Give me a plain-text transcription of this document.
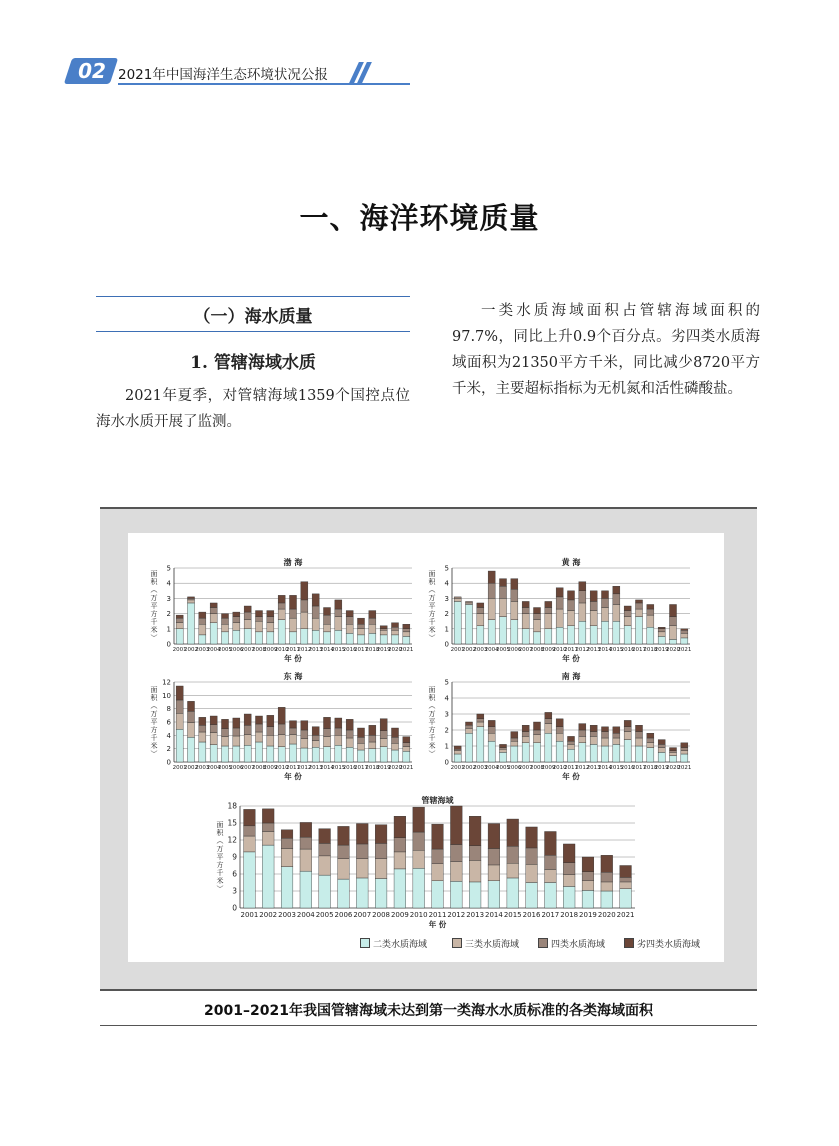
02 2021年中国海洋生态环境状况公报
一、海洋环境质量
（一）海水质量
1. 管辖海域水质

2021年夏季，对管辖海域1359个国控点位海水水质开展了监测。

一类水质海域面积占管辖海域面积的97.7%，同比上升0.9个百分点。劣四类水质海域面积为21350平方千米，同比减少8720平方千米，主要超标指标为无机氮和活性磷酸盐。

渤 海
0
1
2
3
4
5
面积（万平方千米）
2001
2002
2003
2004
2005
2006
2007
2008
2009
2010
2011
2012
2013
2014
2015
2016
2017
2018
2019
2020
2021
年 份
黄 海
0
1
2
3
4
5
面积（万平方千米）
2001
2002
2003
2004
2005
2006
2007
2008
2009
2010
2011
2012
2013
2014
2015
2016
2017
2018
2019
2020
2021
年 份
东 海
0
2
4
6
8
10
12
面积（万平方千米）
2001
2002
2003
2004
2005
2006
2007
2008
2009
2010
2011
2012
2013
2014
2015
2016
2017
2018
2019
2020
2021
年 份
南 海
0
1
2
3
4
5
面积（万平方千米）
2001
2002
2003
2004
2005
2006
2007
2008
2009
2010
2011
2012
2013
2014
2015
2016
2017
2018
2019
2020
2021
年 份
管辖海域
0
3
6
9
12
15
18
面积（万平方千米）
2001 2002 2003 2004 2005 2006 2007 2008 2009 2010 2011 2012 2013 2014 2015 2016 2017 2018 2019 2020 2021
年 份
二类水质海域	三类水质海域	四类水质海域	劣四类水质海域
2001–2021年我国管辖海域未达到第一类海水水质标准的各类海域面积
